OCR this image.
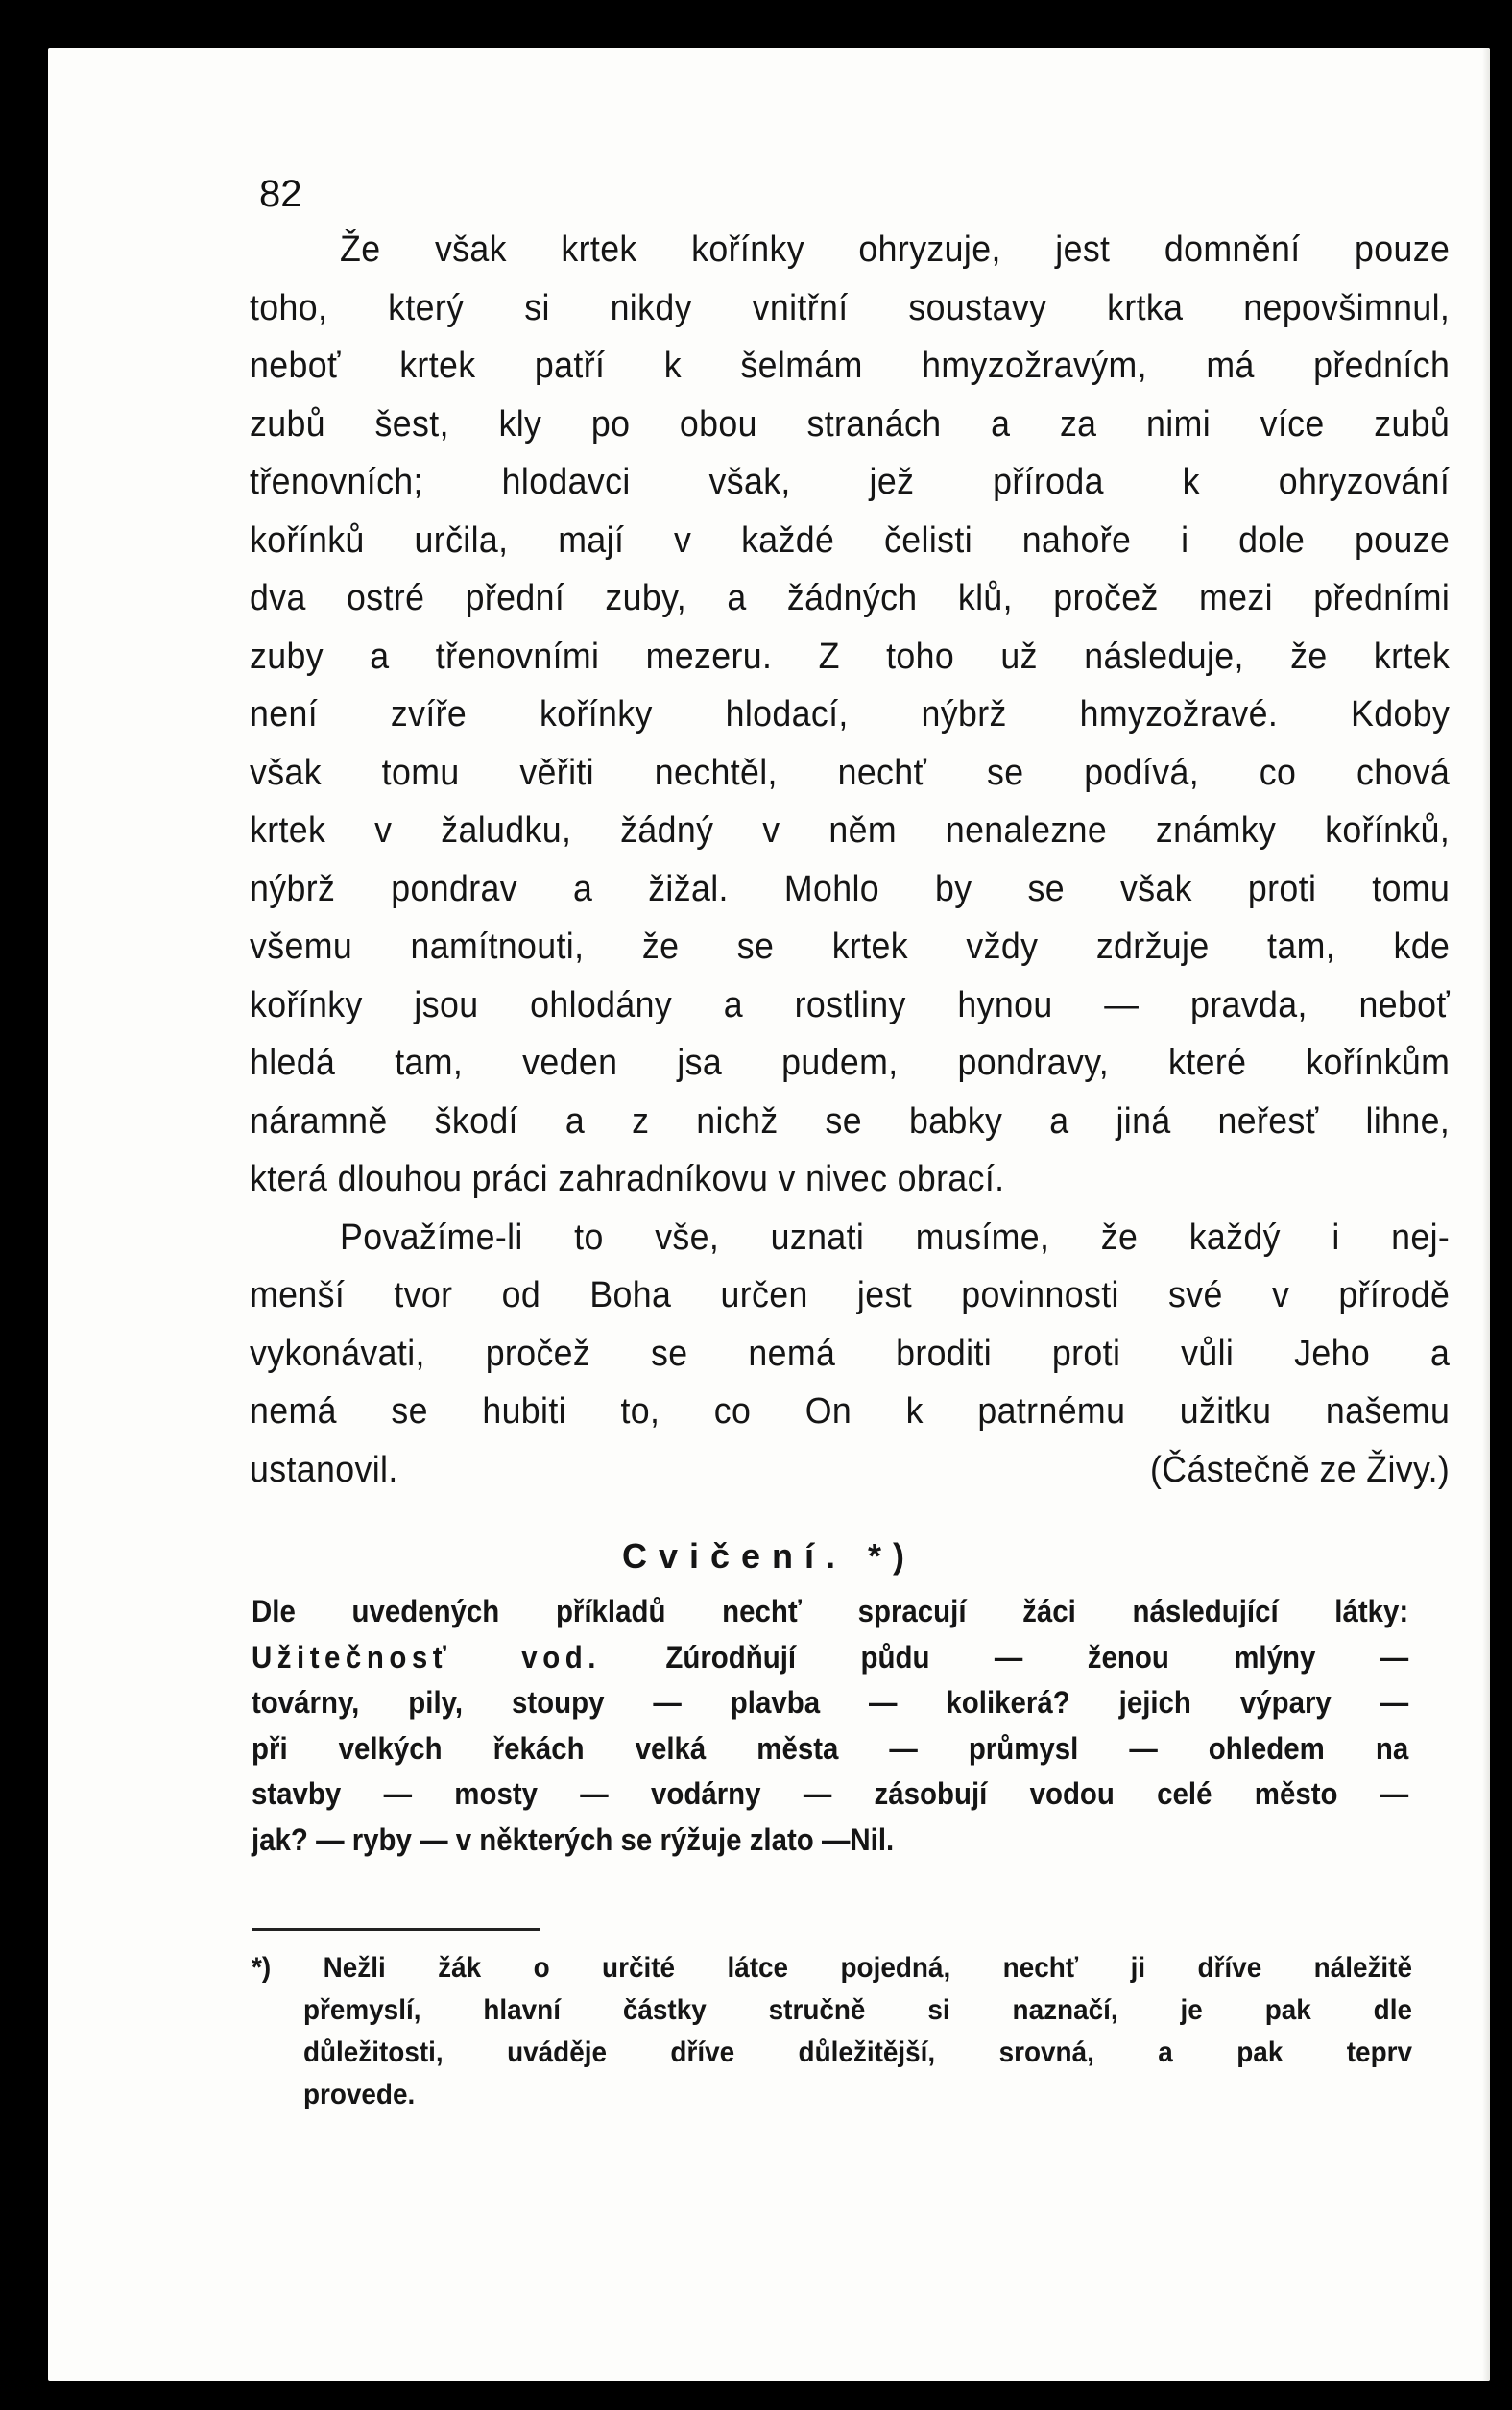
82
Že však krtek kořínky ohryzuje, jest domnění pouze
toho, který si nikdy vnitřní soustavy krtka nepovšimnul,
neboť krtek patří k šelmám hmyzožravým, má předních
zubů šest, kly po obou stranách a za nimi více zubů
třenovních; hlodavci však, jež příroda k ohryzování
kořínků určila, mají v každé čelisti nahoře i dole pouze
dva ostré přední zuby, a žádných klů, pročež mezi předními
zuby a třenovními mezeru. Z toho už následuje, že krtek
není zvíře kořínky hlodací, nýbrž hmyzožravé. Kdoby
však tomu věřiti nechtěl, nechť se podívá, co chová
krtek v žaludku, žádný v něm nenalezne známky kořínků,
nýbrž pondrav a žižal. Mohlo by se však proti tomu
všemu namítnouti, že se krtek vždy zdržuje tam, kde
kořínky jsou ohlodány a rostliny hynou — pravda, neboť
hledá tam, veden jsa pudem, pondravy, které kořínkům
náramně škodí a z nichž se babky a jiná neřesť lihne,
která dlouhou práci zahradníkovu v nivec obrací.
Považíme-li to vše, uznati musíme, že každý i nej-
menší tvor od Boha určen jest povinnosti své v přírodě
vykonávati, pročež se nemá broditi proti vůli Jeho a
nemá se hubiti to, co On k patrnému užitku našemu
ustanovil.	(Částečně ze Živy.)
Cvičení. *)
Dle uvedených příkladů nechť spracují žáci následující látky:
Užitečnosť vod. Zúrodňují půdu — ženou mlýny —
továrny, pily, stoupy — plavba — kolikerá? jejich výpary —
při velkých řekách velká města — průmysl — ohledem na
stavby — mosty — vodárny — zásobují vodou celé město —
jak? — ryby — v některých se rýžuje zlato —Nil.
*) Nežli žák o určité látce pojedná, nechť ji dříve náležitě
přemyslí, hlavní částky stručně si naznačí, je pak dle
důležitosti, uváděje dříve důležitější, srovná, a pak teprv
provede.
